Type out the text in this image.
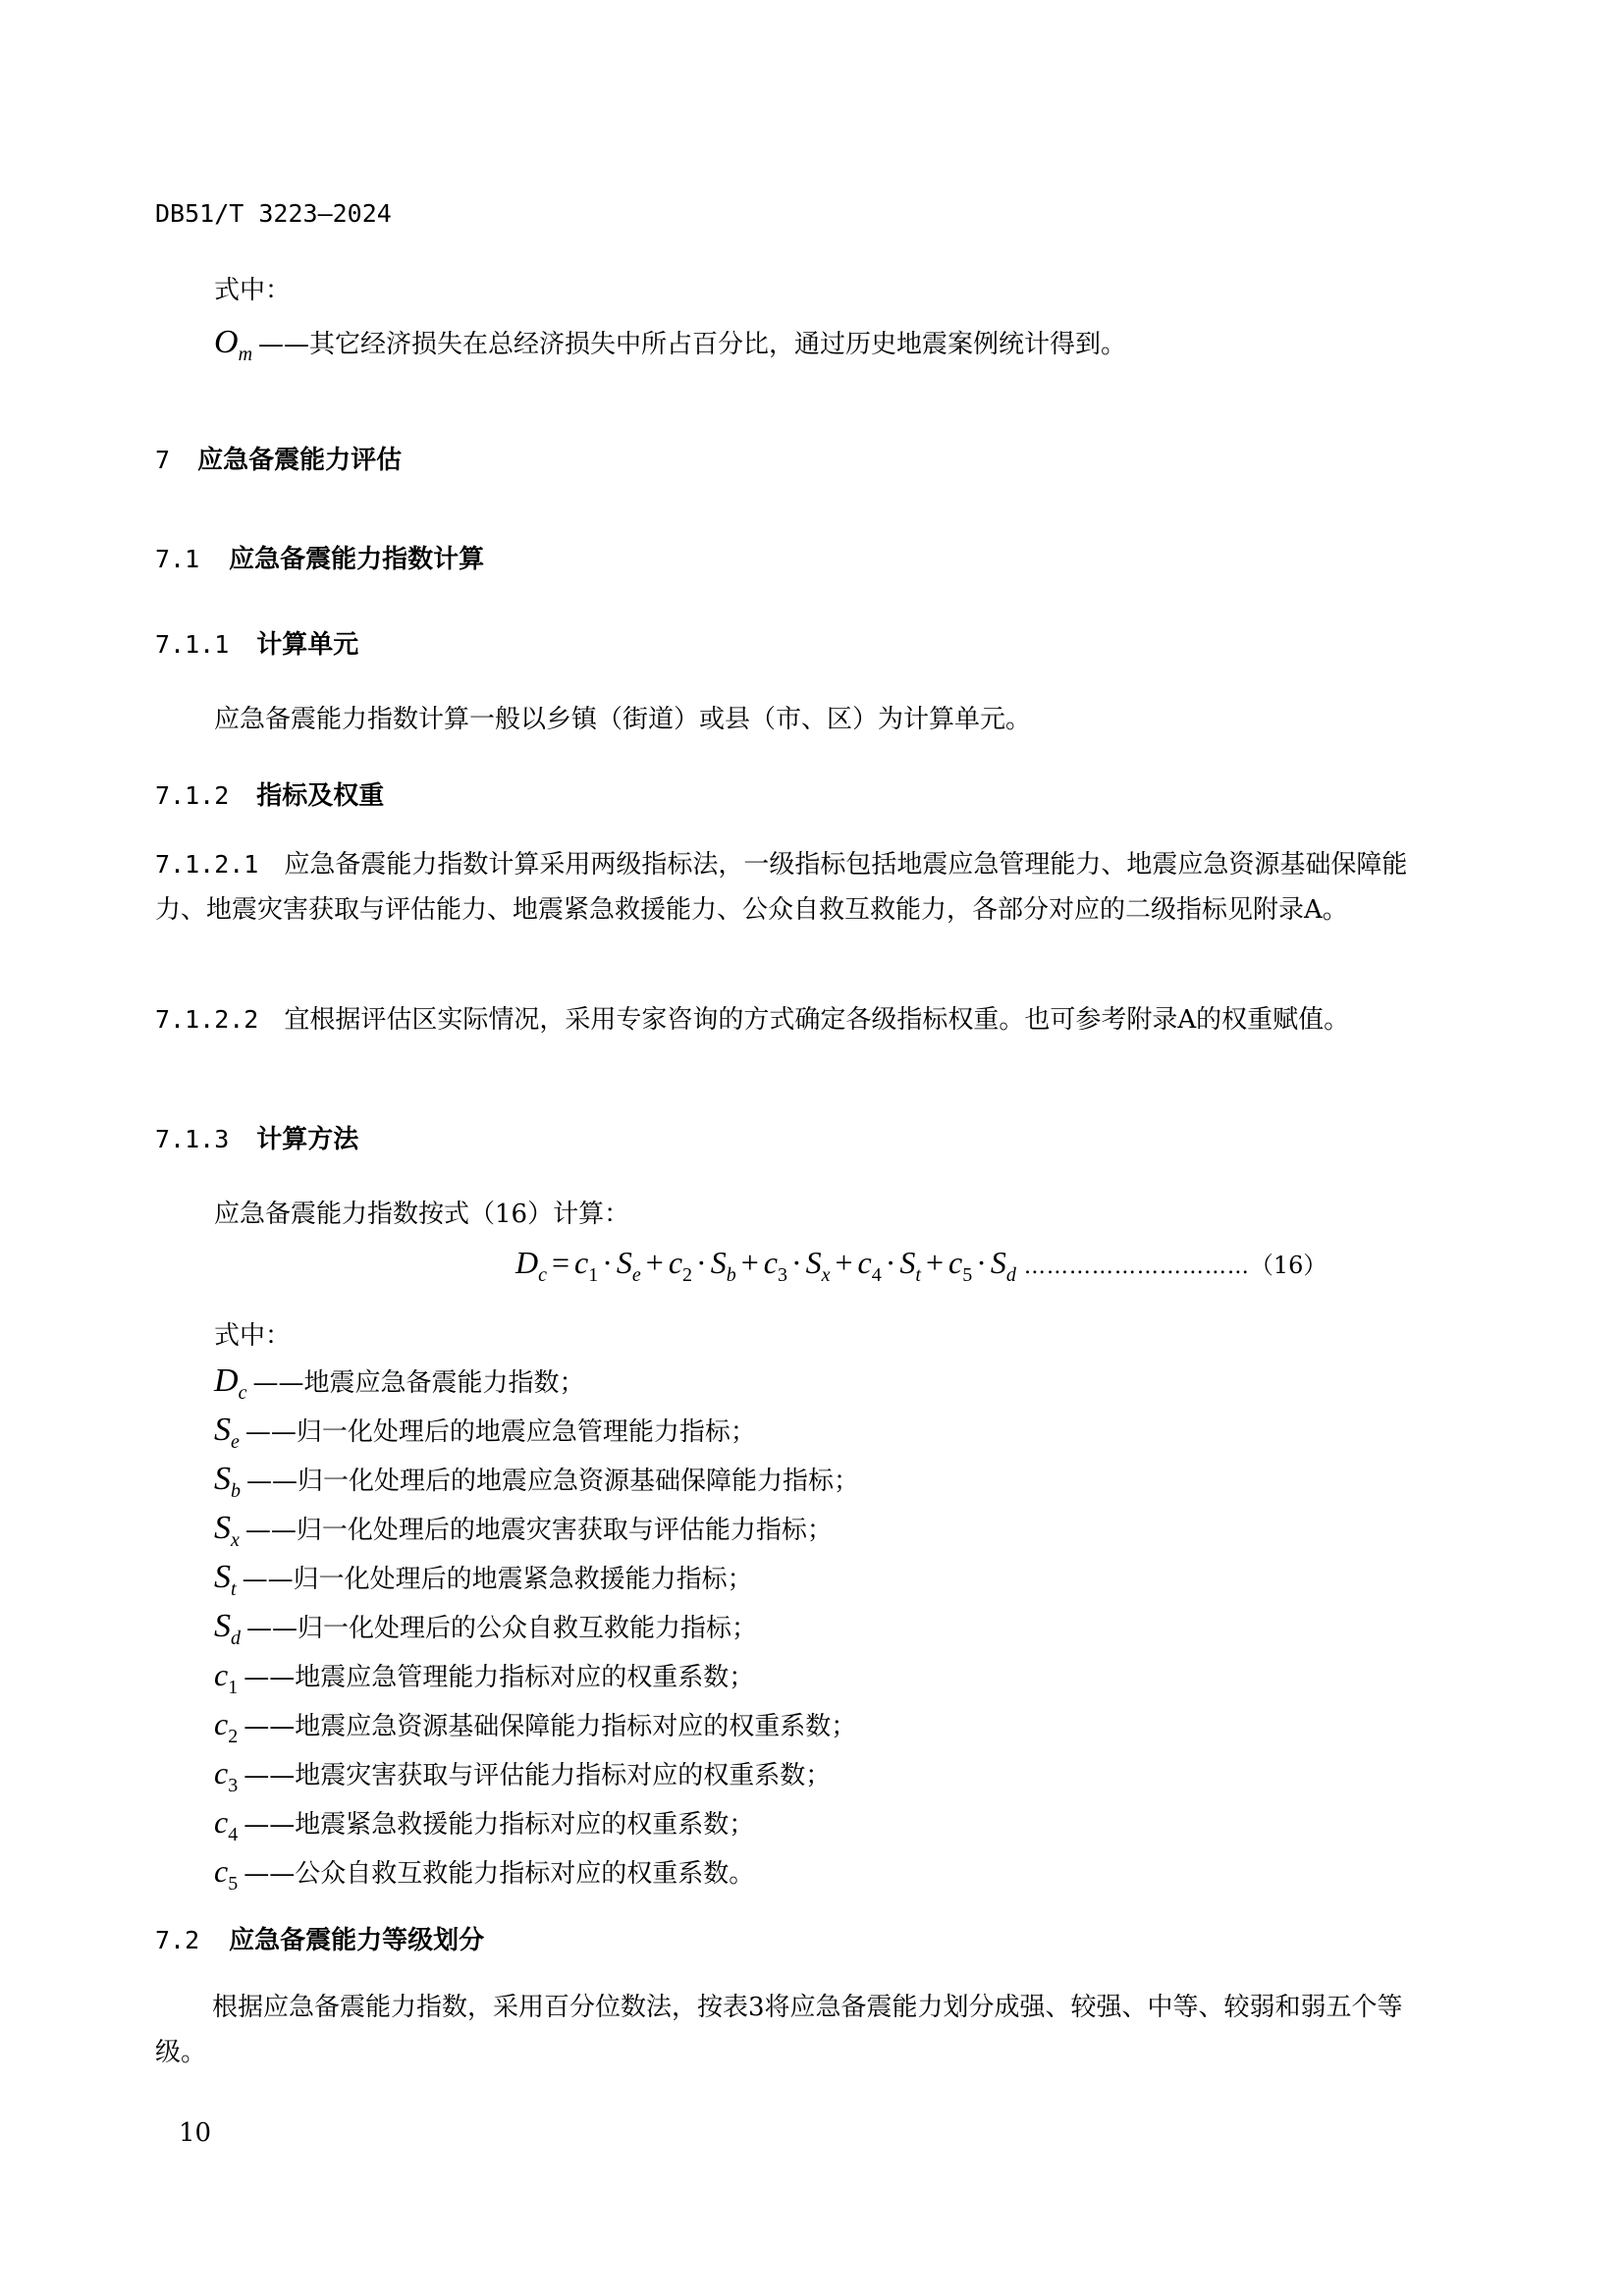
DB51/T 3223—2024
式中：
O m ——其它经济损失在总经济损失中所占百分比，通过历史地震案例统计得到。
7 应急备震能力评估
7.1 应急备震能力指数计算
7.1.1 计算单元
应急备震能力指数计算一般以乡镇（街道）或县（市、区）为计算单元。
7.1.2 指标及权重
7.1.2.1 应急备震能力指数计算采用两级指标法，一级指标包括地震应急管理能力、地震应急资源基础保障能力、地震灾害获取与评估能力、地震紧急救援能力、公众自救互救能力，各部分对应的二级指标见附录A。
7.1.2.2 宜根据评估区实际情况，采用专家咨询的方式确定各级指标权重。也可参考附录A的权重赋值。
7.1.3 计算方法
应急备震能力指数按式（16）计算：
D c = c 1 · S e + c 2 · S b + c 3 · S x + c 4 · S t + c 5 · S d ………………………… （16）
式中：
D c ——地震应急备震能力指数；
S e ——归一化处理后的地震应急管理能力指标；
S b ——归一化处理后的地震应急资源基础保障能力指标；
S x ——归一化处理后的地震灾害获取与评估能力指标；
S t ——归一化处理后的地震紧急救援能力指标；
S d ——归一化处理后的公众自救互救能力指标；
c 1 ——地震应急管理能力指标对应的权重系数；
c 2 ——地震应急资源基础保障能力指标对应的权重系数；
c 3 ——地震灾害获取与评估能力指标对应的权重系数；
c 4 ——地震紧急救援能力指标对应的权重系数；
c 5 ——公众自救互救能力指标对应的权重系数。
7.2 应急备震能力等级划分
根据应急备震能力指数，采用百分位数法，按表3将应急备震能力划分成强、较强、中等、较弱和弱五个等级。
10
